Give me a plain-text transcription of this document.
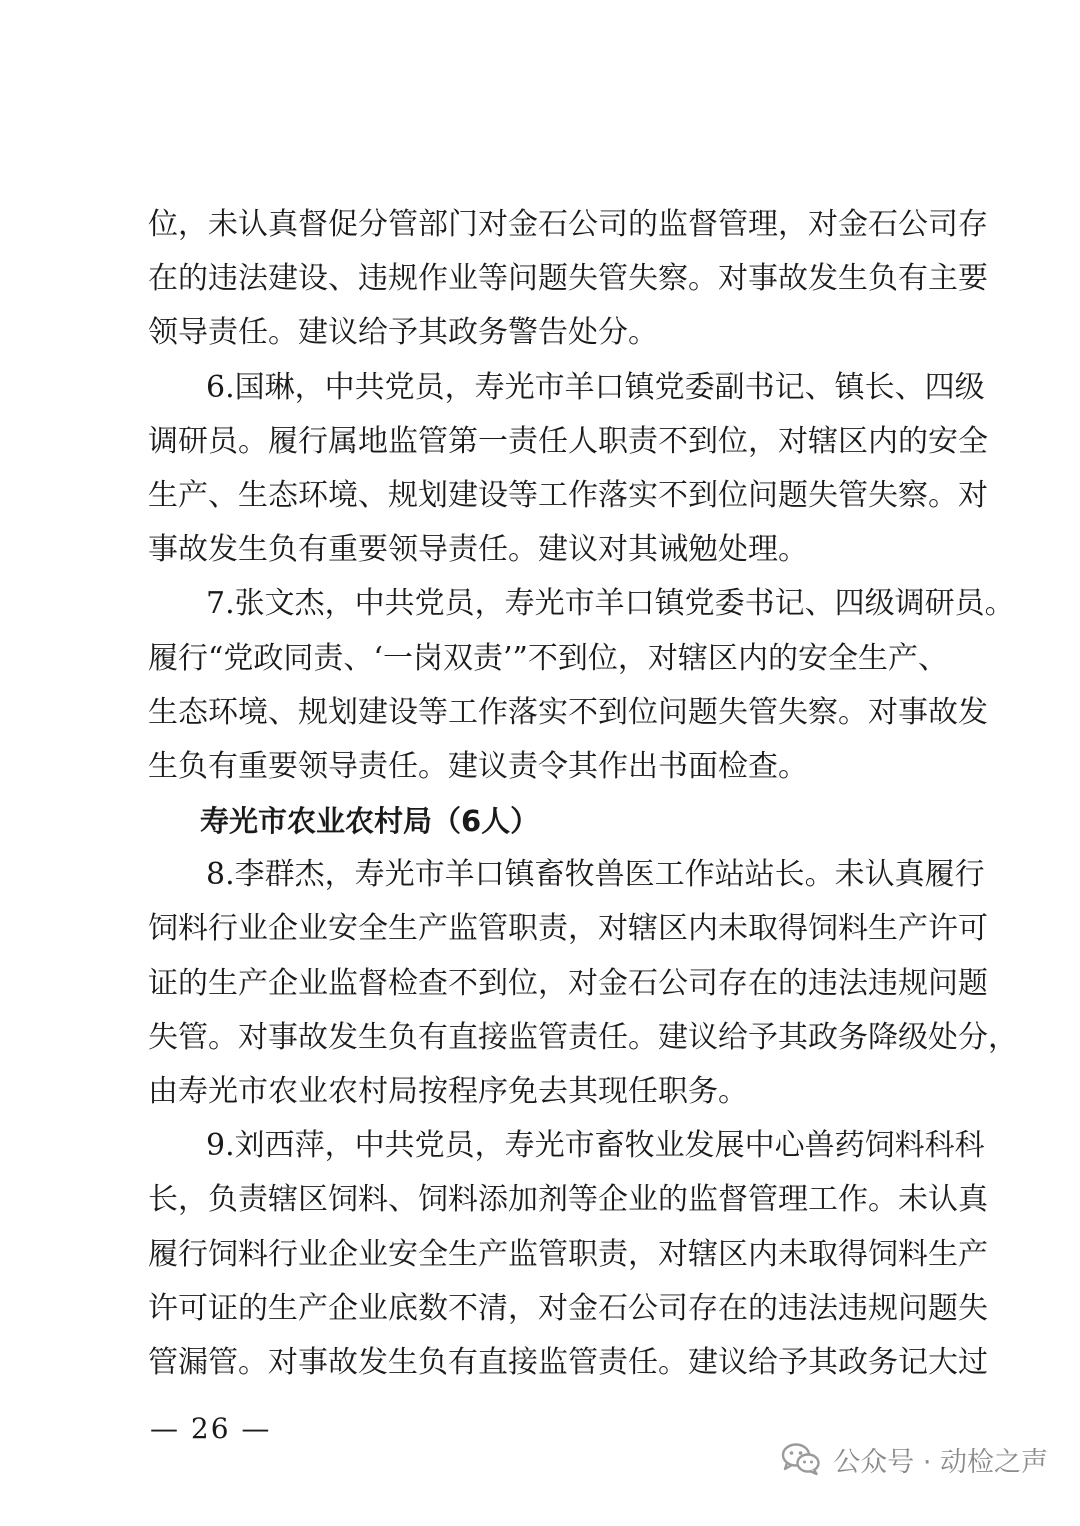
位，未认真督促分管部门对金石公司的监督管理，对金石公司存
在的违法建设、违规作业等问题失管失察。对事故发生负有主要
领导责任。建议给予其政务警告处分。
6.国琳，中共党员，寿光市羊口镇党委副书记、镇长、四级
调研员。履行属地监管第一责任人职责不到位，对辖区内的安全
生产、生态环境、规划建设等工作落实不到位问题失管失察。对
事故发生负有重要领导责任。建议对其诫勉处理。
7.张文杰，中共党员，寿光市羊口镇党委书记、四级调研员。
履行“党政同责、‘一岗双责’”不到位，对辖区内的安全生产、
生态环境、规划建设等工作落实不到位问题失管失察。对事故发
生负有重要领导责任。建议责令其作出书面检查。
寿光市农业农村局（6人）
8.李群杰，寿光市羊口镇畜牧兽医工作站站长。未认真履行
饲料行业企业安全生产监管职责，对辖区内未取得饲料生产许可
证的生产企业监督检查不到位，对金石公司存在的违法违规问题
失管。对事故发生负有直接监管责任。建议给予其政务降级处分，
由寿光市农业农村局按程序免去其现任职务。
9.刘西萍，中共党员，寿光市畜牧业发展中心兽药饲料科科
长，负责辖区饲料、饲料添加剂等企业的监督管理工作。未认真
履行饲料行业企业安全生产监管职责，对辖区内未取得饲料生产
许可证的生产企业底数不清，对金石公司存在的违法违规问题失
管漏管。对事故发生负有直接监管责任。建议给予其政务记大过
— 26 —
公众号 · 动检之声
